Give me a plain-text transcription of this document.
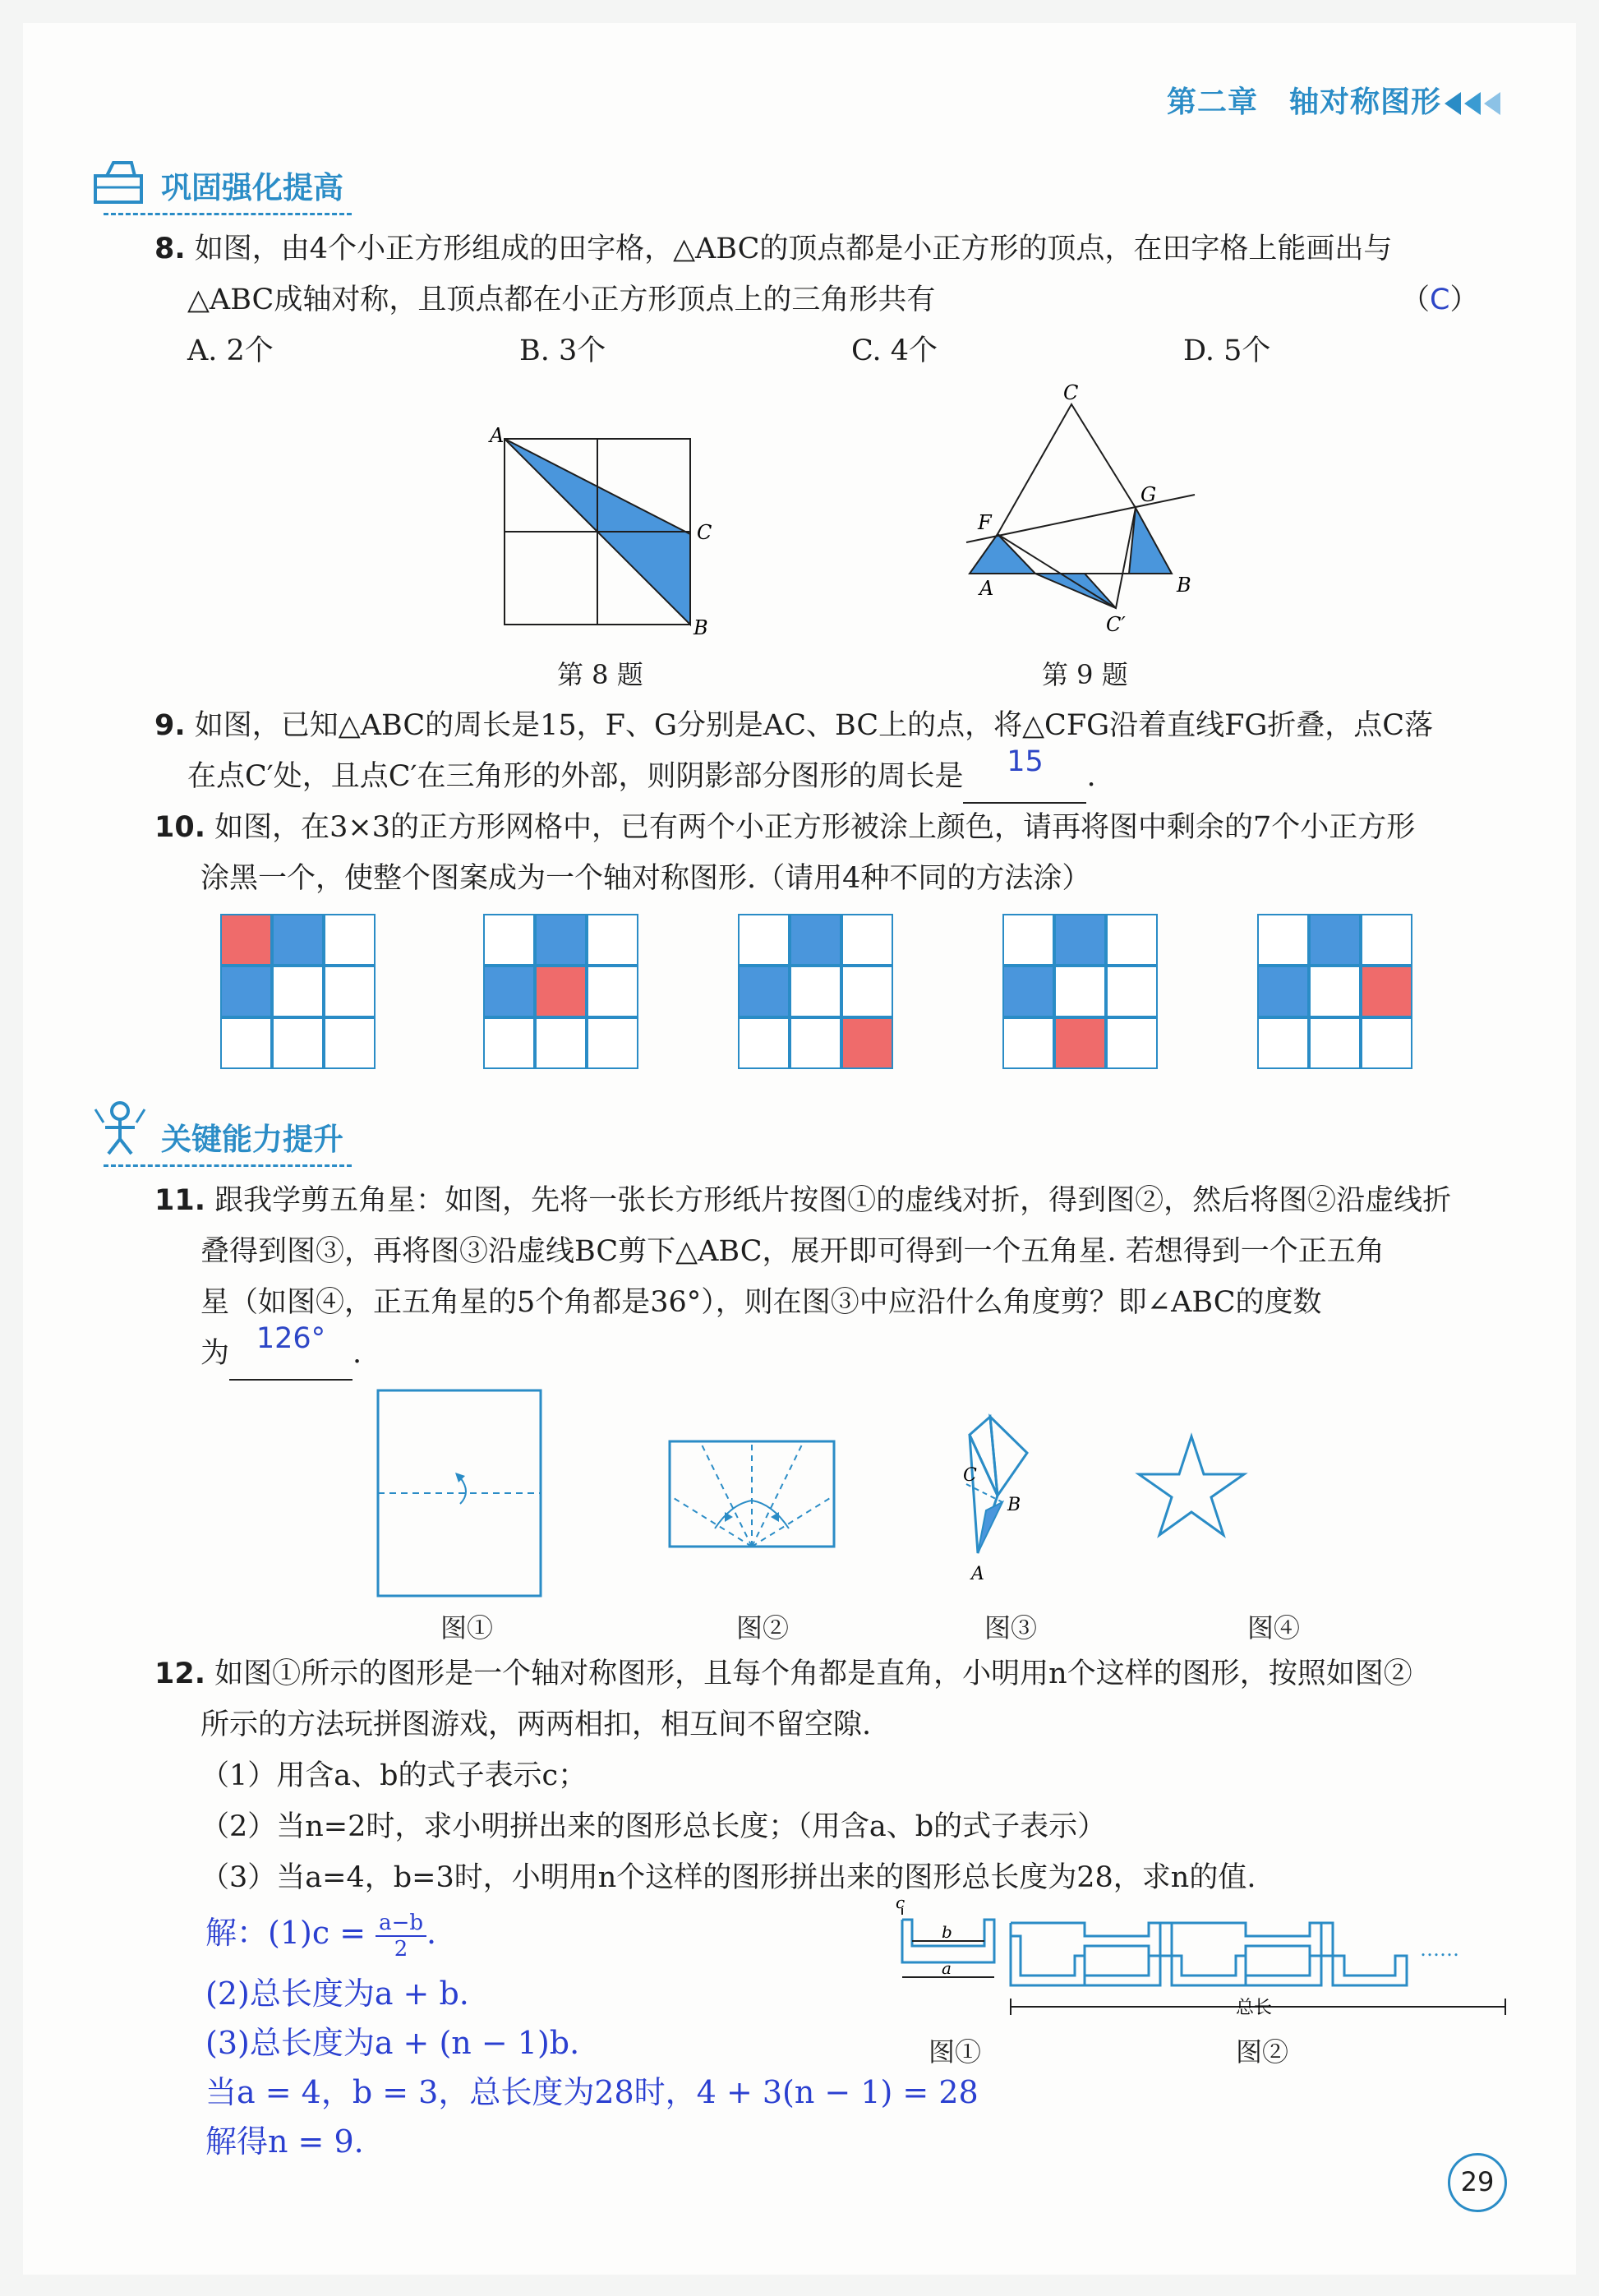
第二章 轴对称图形
巩固强化提高
8. 如图，由4个小正方形组成的田字格，△ABC的顶点都是小正方形的顶点，在田字格上能画出与
△ABC成轴对称，且顶点都在小正方形顶点上的三角形共有	（C）
A. 2个	B. 3个	C. 4个	D. 5个
A
C
B
第 8 题
C
F
G
A	B
C′
第 9 题
9. 如图，已知△ABC的周长是15，F、G分别是AC、BC上的点，将△CFG沿着直线FG折叠，点C落
在点C′处，且点C′在三角形的外部，则阴影部分图形的周长是 15 .
10. 如图，在3×3的正方形网格中，已有两个小正方形被涂上颜色，请再将图中剩余的7个小正方形
涂黑一个，使整个图案成为一个轴对称图形.（请用4种不同的方法涂）
关键能力提升
11. 跟我学剪五角星：如图，先将一张长方形纸片按图①的虚线对折，得到图②，然后将图②沿虚线折
叠得到图③，再将图③沿虚线BC剪下△ABC，展开即可得到一个五角星. 若想得到一个正五角
星（如图④，正五角星的5个角都是36°），则在图③中应沿什么角度剪？即∠ABC的度数
为 126° .
C
B
A
图①	图②	图③	图④
12. 如图①所示的图形是一个轴对称图形，且每个角都是直角，小明用n个这样的图形，按照如图②
所示的方法玩拼图游戏，两两相扣，相互间不留空隙.
（1）用含a、b的式子表示c；
（2）当n=2时，求小明拼出来的图形总长度；（用含a、b的式子表示）
（3）当a=4，b=3时，小明用n个这样的图形拼出来的图形总长度为28，求n的值.
……
c
b
a
总长
图①	图②
解：$(1)c = \frac{a-b}{2}$ .
(2)总长度为a + b.
(3)总长度为a + (n − 1)b.
当a = 4，b = 3，总长度为28时，4 + 3(n − 1) = 28
解得n = 9.
29
